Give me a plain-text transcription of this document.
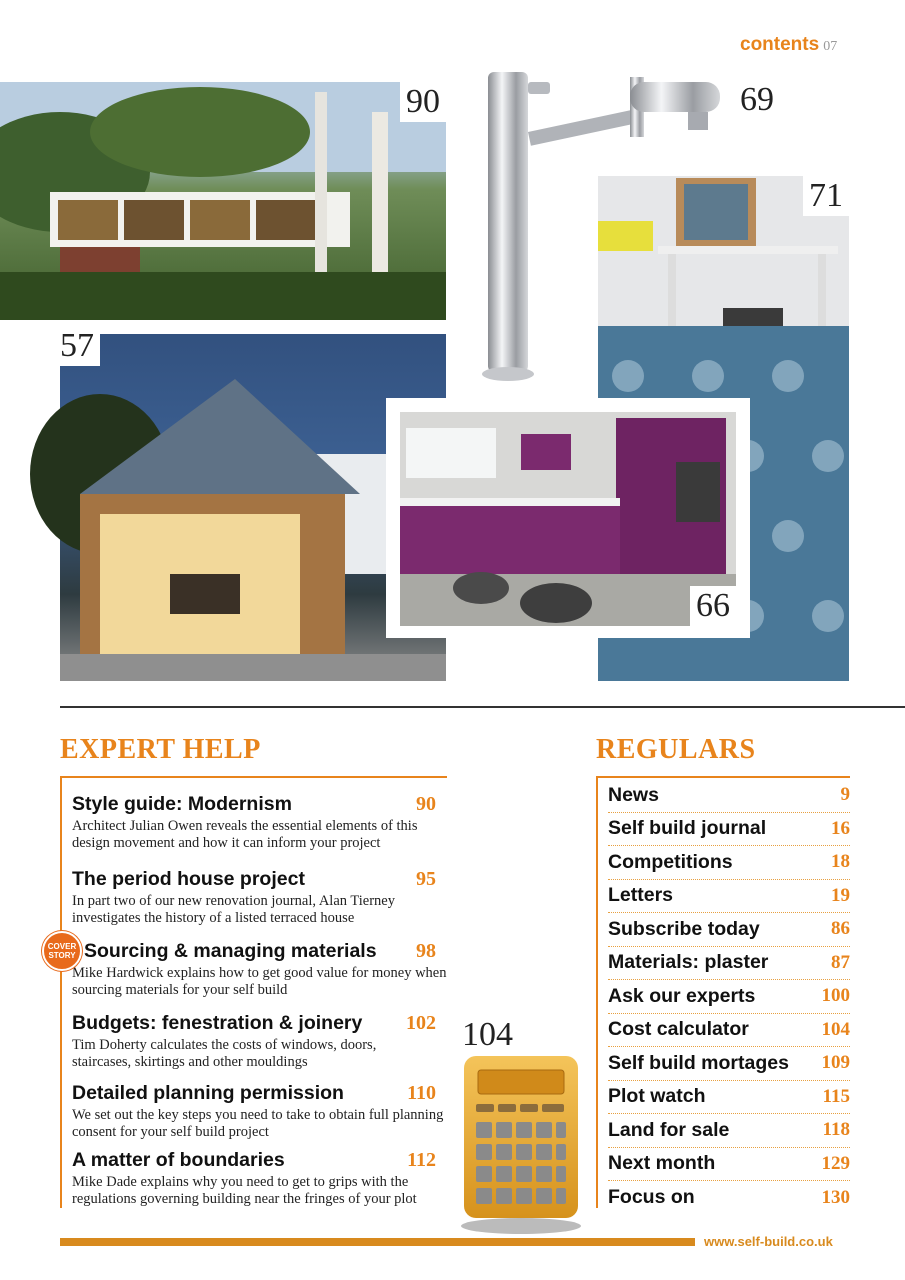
contents 07
90	69
71
57
66
EXPERT HELP
Style guide: Modernism	90
Architect Julian Owen reveals the essential elements of this design movement and how it can inform your project
The period house project	95
In part two of our new renovation journal, Alan Tierney investigates the history of a listed terraced house
COVER STORY Sourcing & managing materials 98
Mike Hardwick explains how to get good value for money when sourcing materials for your self build
Budgets: fenestration & joinery 102
Tim Doherty calculates the costs of windows, doors, staircases, skirtings and other mouldings
Detailed planning permission	110
We set out the key steps you need to take to obtain full planning consent for your self build project
A matter of boundaries	112
Mike Dade explains why you need to get to grips with the regulations governing building near the fringes of your plot
104
REGULARS
News	9
Self build journal	16
Competitions	18
Letters	19
Subscribe today	86
Materials: plaster	87
Ask our experts	100
Cost calculator	104
Self build mortages 109
Plot watch	115
Land for sale	118
Next month	129
Focus on	130
www.self-build.co.uk
